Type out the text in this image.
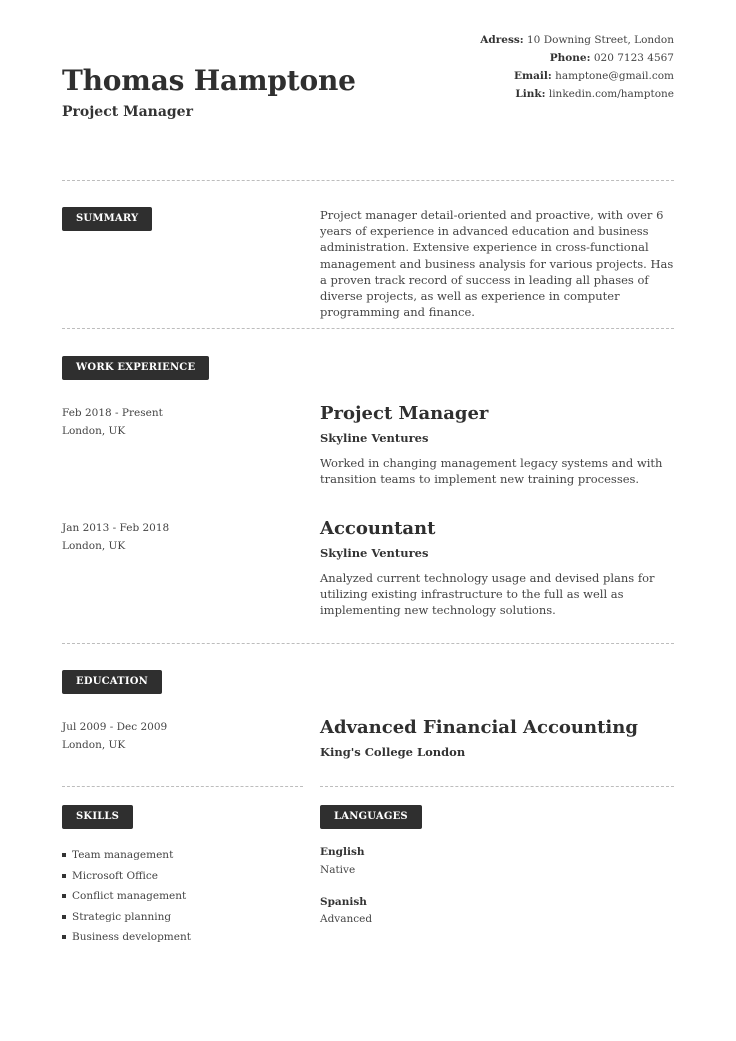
Adress: 10 Downing Street, London
Phone: 020 7123 4567
Email: hamptone@gmail.com
Link: linkedin.com/hamptone
Thomas Hamptone
Project Manager
SUMMARY	Project manager detail-oriented and proactive, with over 6 years of experience in advanced education and business administration. Extensive experience in cross-functional management and business analysis for various projects. Has a proven track record of success in leading all phases of diverse projects, as well as experience in computer programming and finance.
WORK EXPERIENCE
Feb 2018 - Present
London, UK
Project Manager
Skyline Ventures
Worked in changing management legacy systems and with transition teams to implement new training processes.
Jan 2013 - Feb 2018
London, UK
Accountant
Skyline Ventures
Analyzed current technology usage and devised plans for utilizing existing infrastructure to the full as well as implementing new technology solutions.
EDUCATION
Jul 2009 - Dec 2009
London, UK
Advanced Financial Accounting
King's College London
SKILLS
Team management
Microsoft Office
Conflict management
Strategic planning
Business development
LANGUAGES
English
Native
Spanish
Advanced
